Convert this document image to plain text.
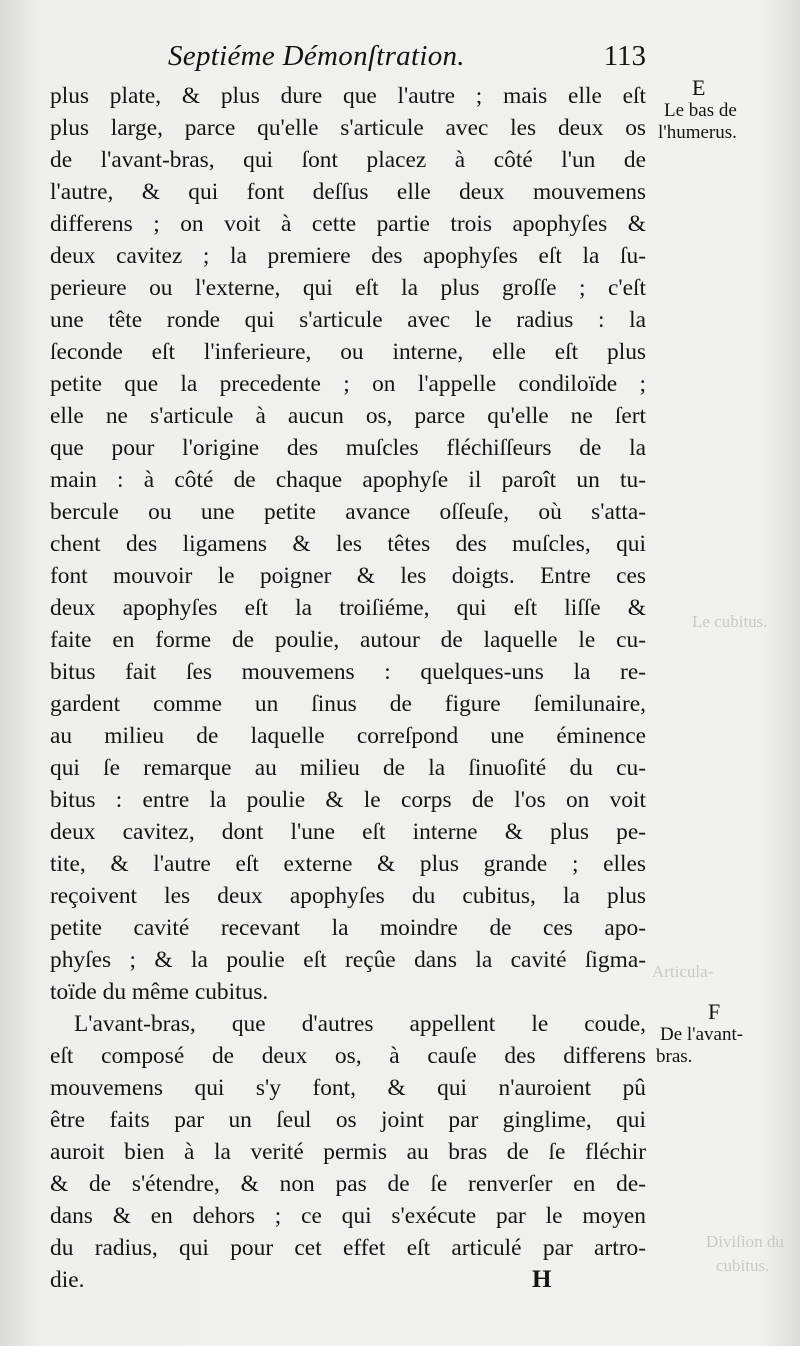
Le cubitus.
Articula-
Diviſion du
cubitus.
Septiéme Démonſtration.	113
plus plate, & plus dure que l'autre ; mais elle eſt
plus large, parce qu'elle s'articule avec les deux os
de l'avant-bras, qui ſont placez à côté l'un de
l'autre, & qui font deſſus elle deux mouvemens
differens ; on voit à cette partie trois apophyſes &
deux cavitez ; la premiere des apophyſes eſt la ſu-
perieure ou l'externe, qui eſt la plus groſſe ; c'eſt
une tête ronde qui s'articule avec le radius : la
ſeconde eſt l'inferieure, ou interne, elle eſt plus
petite que la precedente ; on l'appelle condiloïde ;
elle ne s'articule à aucun os, parce qu'elle ne ſert
que pour l'origine des muſcles fléchiſſeurs de la
main : à côté de chaque apophyſe il paroît un tu-
bercule ou une petite avance oſſeuſe, où s'atta-
chent des ligamens & les têtes des muſcles, qui
font mouvoir le poigner & les doigts. Entre ces
deux apophyſes eſt la troiſiéme, qui eſt liſſe &
faite en forme de poulie, autour de laquelle le cu-
bitus fait ſes mouvemens : quelques-uns la re-
gardent comme un ſinus de figure ſemilunaire,
au milieu de laquelle correſpond une éminence
qui ſe remarque au milieu de la ſinuoſité du cu-
bitus : entre la poulie & le corps de l'os on voit
deux cavitez, dont l'une eſt interne & plus pe-
tite, & l'autre eſt externe & plus grande ; elles
reçoivent les deux apophyſes du cubitus, la plus
petite cavité recevant la moindre de ces apo-
phyſes ; & la poulie eſt reçûe dans la cavité ſigma-
toïde du même cubitus.
L'avant-bras, que d'autres appellent le coude,
eſt composé de deux os, à cauſe des differens
mouvemens qui s'y font, & qui n'auroient pû
être faits par un ſeul os joint par ginglime, qui
auroit bien à la verité permis au bras de ſe fléchir
& de s'étendre, & non pas de ſe renverſer en de-
dans & en dehors ; ce qui s'exécute par le moyen
du radius, qui pour cet effet eſt articulé par artro-
die.
E
Le bas de
l'humerus.
F
De l'avant-
bras.
H
